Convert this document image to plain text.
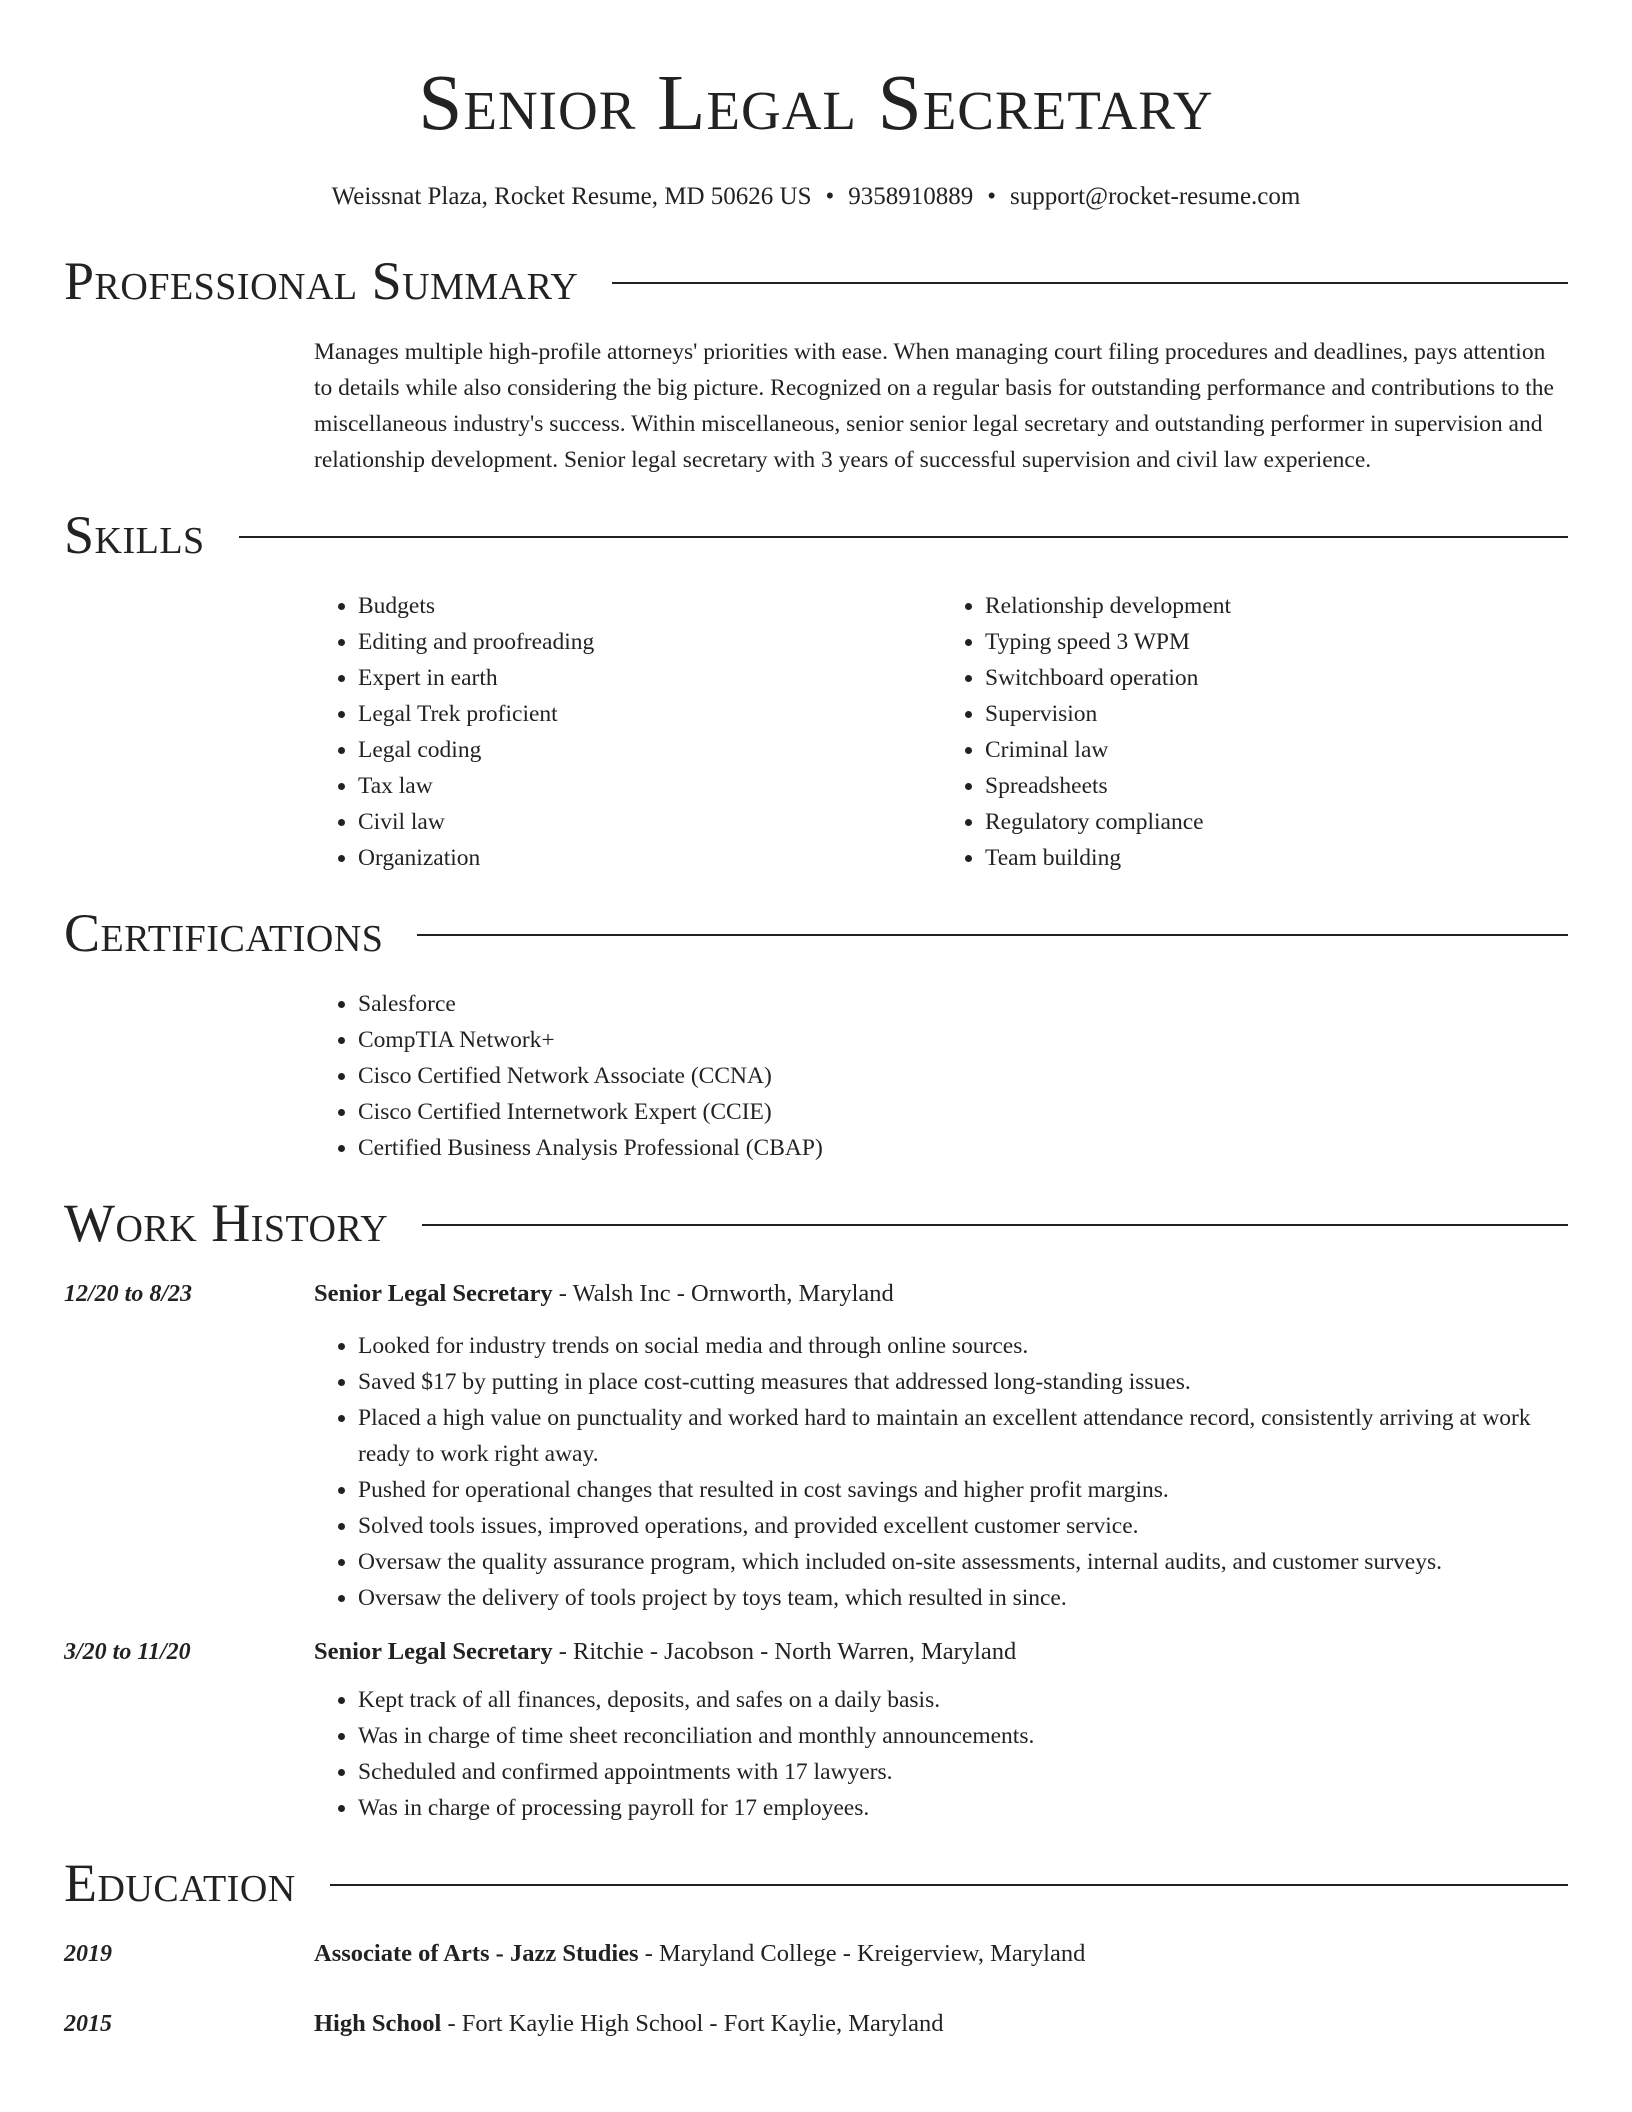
Senior Legal Secretary
Weissnat Plaza, Rocket Resume, MD 50626 US • 9358910889 • support@rocket-resume.com
Professional Summary
Manages multiple high-profile attorneys' priorities with ease. When managing court filing procedures and deadlines, pays attention to details while also considering the big picture. Recognized on a regular basis for outstanding performance and contributions to the miscellaneous industry's success. Within miscellaneous, senior senior legal secretary and outstanding performer in supervision and relationship development. Senior legal secretary with 3 years of successful supervision and civil law experience.
Skills
• Budgets
• Editing and proofreading
• Expert in earth
• Legal Trek proficient
• Legal coding
• Tax law
• Civil law
• Organization
• Relationship development
• Typing speed 3 WPM
• Switchboard operation
• Supervision
• Criminal law
• Spreadsheets
• Regulatory compliance
• Team building
Certifications
• Salesforce
• CompTIA Network+
• Cisco Certified Network Associate (CCNA)
• Cisco Certified Internetwork Expert (CCIE)
• Certified Business Analysis Professional (CBAP)
Work History
12/20 to 8/23	Senior Legal Secretary - Walsh Inc - Ornworth, Maryland
• Looked for industry trends on social media and through online sources.
• Saved $17 by putting in place cost-cutting measures that addressed long-standing issues.
• Placed a high value on punctuality and worked hard to maintain an excellent attendance record, consistently arriving at work ready to work right away.
• Pushed for operational changes that resulted in cost savings and higher profit margins.
• Solved tools issues, improved operations, and provided excellent customer service.
• Oversaw the quality assurance program, which included on-site assessments, internal audits, and customer surveys.
• Oversaw the delivery of tools project by toys team, which resulted in since.
3/20 to 11/20	Senior Legal Secretary - Ritchie - Jacobson - North Warren, Maryland
• Kept track of all finances, deposits, and safes on a daily basis.
• Was in charge of time sheet reconciliation and monthly announcements.
• Scheduled and confirmed appointments with 17 lawyers.
• Was in charge of processing payroll for 17 employees.
Education
2019	Associate of Arts - Jazz Studies - Maryland College - Kreigerview, Maryland
2015	High School - Fort Kaylie High School - Fort Kaylie, Maryland
